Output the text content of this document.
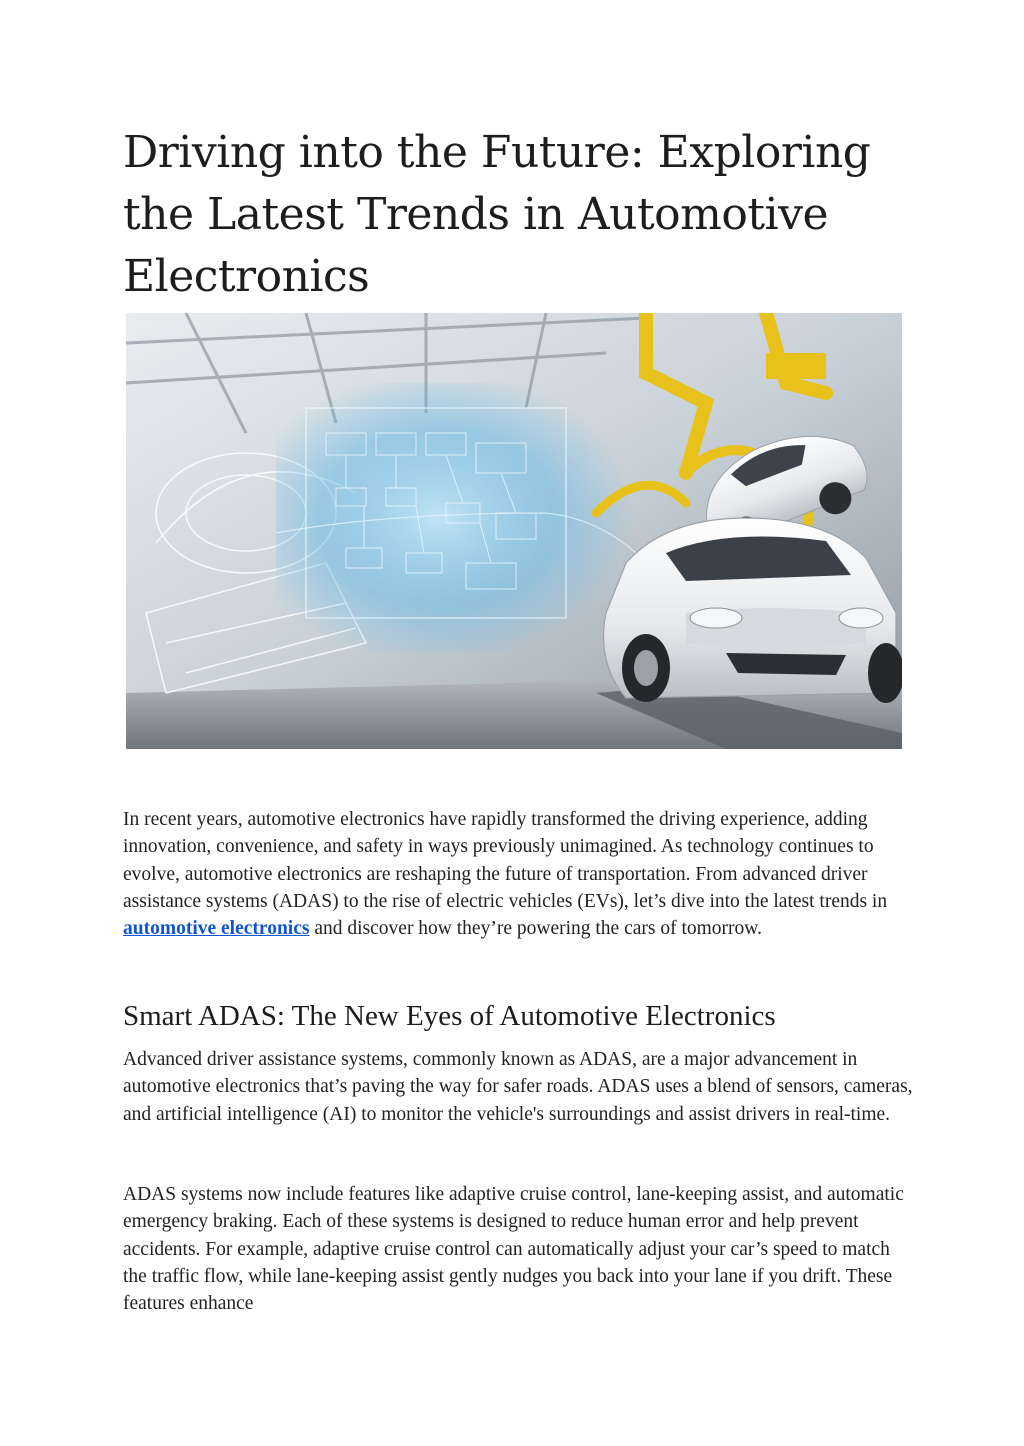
Driving into the Future: Exploring the Latest Trends in Automotive Electronics

In recent years, automotive electronics have rapidly transformed the driving experience, adding innovation, convenience, and safety in ways previously unimagined. As technology continues to evolve, automotive electronics are reshaping the future of transportation. From advanced driver assistance systems (ADAS) to the rise of electric vehicles (EVs), let’s dive into the latest trends in automotive electronics and discover how they’re powering the cars of tomorrow.

Smart ADAS: The New Eyes of Automotive Electronics

Advanced driver assistance systems, commonly known as ADAS, are a major advancement in automotive electronics that’s paving the way for safer roads. ADAS uses a blend of sensors, cameras, and artificial intelligence (AI) to monitor the vehicle's surroundings and assist drivers in real-time.

ADAS systems now include features like adaptive cruise control, lane-keeping assist, and automatic emergency braking. Each of these systems is designed to reduce human error and help prevent accidents. For example, adaptive cruise control can automatically adjust your car’s speed to match the traffic flow, while lane-keeping assist gently nudges you back into your lane if you drift. These features enhance
